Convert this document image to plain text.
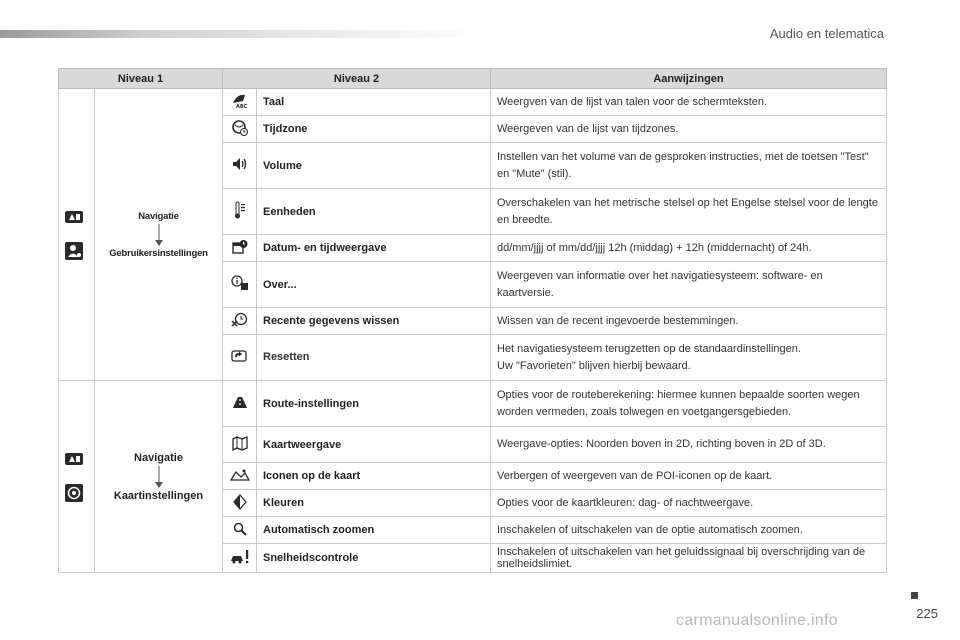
Audio en telematica
Niveau 1		Niveau 2		Aanwijzingen

Navigatie
Gebruikersinstellingen	ABC	Taal	Weergven van de lijst van talen voor de schermteksten.
	Tijdzone	Weergeven van de lijst van tijdzones.
	Volume	Instellen van het volume van de gesproken instructies, met de toetsen "Test" en "Mute" (stil).
	Eenheden	Overschakelen van het metrische stelsel op het Engelse stelsel voor de lengte en breedte.
	Datum- en tijdweergave	dd/mm/jjjj of mm/dd/jjjj 12h (middag) + 12h (middernacht) of 24h.
	Over...	Weergeven van informatie over het navigatiesysteem: software- en kaartversie.
	Recente gegevens wissen	Wissen van de recent ingevoerde bestemmingen.
	Resetten	Het navigatiesysteem terugzetten op de standaardinstellingen.
Uw "Favorieten" blijven hierbij bewaard.

Navigatie
Kaartinstellingen		Route-instellingen	Opties voor de routeberekening: hiermee kunnen bepaalde soorten wegen worden vermeden, zoals tolwegen en voetgangersgebieden.
	Kaartweergave	Weergave-opties: Noorden boven in 2D, richting boven in 2D of 3D.
	Iconen op de kaart	Verbergen of weergeven van de POI-iconen op de kaart.
	Kleuren	Opties voor de kaartkleuren: dag- of nachtweergave.
	Automatisch zoomen	Inschakelen of uitschakelen van de optie automatisch zoomen.
	Snelheidscontrole	Inschakelen of uitschakelen van het geluidssignaal bij overschrijding van de snelheidslimiet.
225
carmanualsonline.info
